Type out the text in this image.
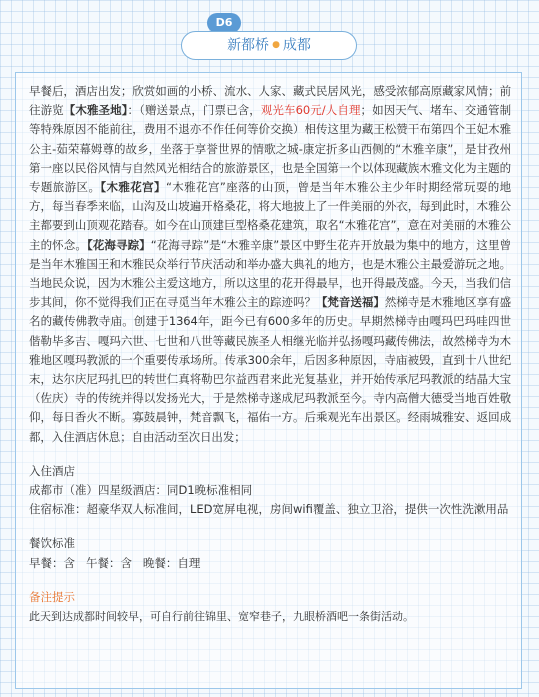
D6
新都桥 ● 成都

早餐后，酒店出发；欣赏如画的小桥、流水、人家、藏式民居风光，感受浓郁高原藏家风情；前往游览【木雅圣地】：（赠送景点，门票已含，观光车60元/人自理；如因天气、堵车、交通管制等特殊原因不能前往，费用不退亦不作任何等价交换）相传这里为藏王松赞干布第四个王妃木雅公主-茹荣幕姆尊的故乡，坐落于享誉世界的情歌之城-康定折多山西侧的“木雅辛康”，是甘孜州第一座以民俗风情与自然风光相结合的旅游景区，也是全国第一个以体现藏族木雅文化为主题的专题旅游区。【木雅花宫】“木雅花宫”座落的山顶，曾是当年木雅公主少年时期经常玩耍的地方，每当春季来临，山沟及山坡遍开格桑花，将大地披上了一件美丽的外衣，每到此时，木雅公主都要到山顶观花踏春。如今在山顶建巨型格桑花建筑，取名“木雅花宫”，意在对美丽的木雅公主的怀念。【花海寻踪】“花海寻踪”是“木雅辛康”景区中野生花卉开放最为集中的地方，这里曾是当年木雅国王和木雅民众举行节庆活动和举办盛大典礼的地方，也是木雅公主最爱游玩之地。当地民众说，因为木雅公主爱这地方，所以这里的花开得最早，也开得最茂盛。今天，当我们信步其间，你不觉得我们正在寻觅当年木雅公主的踪迹吗？【梵音送福】然梯寺是木雅地区享有盛名的藏传佛教寺庙。创建于1364年，距今已有600多年的历史。早期然梯寺由嘎玛巴玛哇四世偕勒毕多吉、嘎玛六世、七世和八世等藏民族圣人相继光临并弘扬嘎玛藏传佛法，故然梯寺为木雅地区嘎玛教派的一个重要传承场所。传承300余年，后因多种原因，寺庙被毁，直到十八世纪末，达尔庆尼玛扎巴的转世仁真将勒巴尔益西君来此光复基业，并开始传承尼玛教派的结晶大宝（佐庆）寺的传统并得以发扬光大，于是然梯寺遂成尼玛教派至今。寺内高僧大德受当地百姓敬仰，每日香火不断。寡鼓晨钟，梵音飘飞，福佑一方。后乘观光车出景区。经雨城雅安、返回成都，入住酒店休息；自由活动至次日出发；

入住酒店
成都市（准）四星级酒店：同D1晚标准相同
住宿标准：超豪华双人标准间，LED宽屏电视，房间wifi覆盖、独立卫浴，提供一次性洗漱用品
餐饮标准
早餐：含   午餐：含   晚餐：自理
备注提示
此天到达成都时间较早，可自行前往锦里、宽窄巷子，九眼桥酒吧一条街活动。
